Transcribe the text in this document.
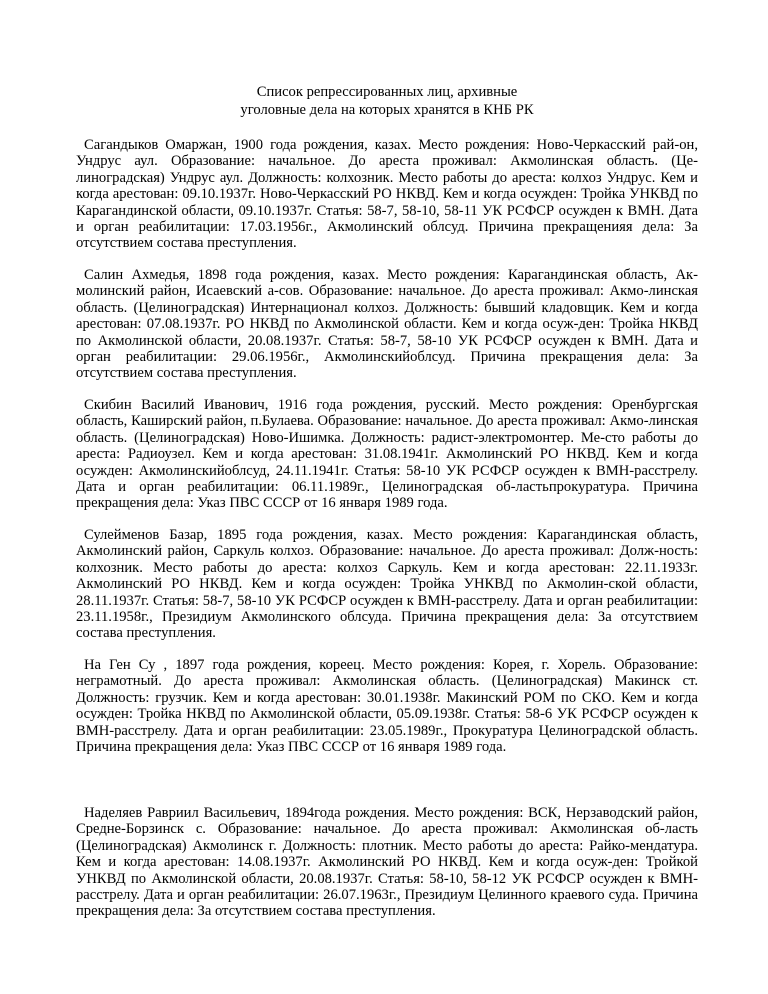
Список репрессированных лиц, архивные
уголовные дела на которых хранятся в КНБ РК

Сагандыков Омаржан, 1900 года рождения, казах. Место рождения: Ново-Черкасский рай-он, Ундрус аул. Образование: начальное. До ареста проживал: Акмолинская область. (Це-линоградская) Ундрус аул. Должность: колхозник. Место работы до ареста: колхоз Ундрус. Кем и когда арестован: 09.10.1937г. Ново-Черкасский РО НКВД. Кем и когда осужден: Тройка УНКВД по Карагандинской области, 09.10.1937г. Статья: 58-7, 58-10, 58-11 УК РСФСР осужден к ВМН. Дата и орган реабилитации: 17.03.1956г., Акмолинский облсуд. Причина прекращенияя дела: За отсутствием состава преступления.

Салин Ахмедья, 1898 года рождения, казах. Место рождения: Карагандинская область, Ак-молинский район, Исаевский а-сов. Образование: начальное. До ареста проживал: Акмо-линская область. (Целиноградская) Интернационал колхоз. Должность: бывший кладовщик. Кем и когда арестован: 07.08.1937г. РО НКВД по Акмолинской области. Кем и когда осуж-ден: Тройка НКВД по Акмолинской области, 20.08.1937г. Статья: 58-7, 58-10 УК РСФСР осужден к ВМН. Дата и орган реабилитации: 29.06.1956г., Акмолинскийоблсуд. Причина прекращения дела: За отсутствием состава преступления.

Скибин Василий Иванович, 1916 года рождения, русский. Место рождения: Оренбургская область, Каширский район, п.Булаева. Образование: начальное. До ареста проживал: Акмо-линская область. (Целиноградская) Ново-Ишимка. Должность: радист-электромонтер. Ме-сто работы до ареста: Радиоузел. Кем и когда арестован: 31.08.1941г. Акмолинский РО НКВД. Кем и когда осужден: Акмолинскийоблсуд, 24.11.1941г. Статья: 58-10 УК РСФСР осужден к ВМН-расстрелу. Дата и орган реабилитации: 06.11.1989г., Целиноградская об-ластьпрокуратура. Причина прекращения дела: Указ ПВС СССР от 16 января 1989 года.

Сулейменов Базар, 1895 года рождения, казах. Место рождения: Карагандинская область, Акмолинский район, Саркуль колхоз. Образование: начальное. До ареста проживал: Долж-ность: колхозник. Место работы до ареста: колхоз Саркуль. Кем и когда арестован: 22.11.1933г. Акмолинский РО НКВД. Кем и когда осужден: Тройка УНКВД по Акмолин-ской области, 28.11.1937г. Статья: 58-7, 58-10 УК РСФСР осужден к ВМН-расстрелу. Дата и орган реабилитации: 23.11.1958г., Президиум Акмолинского облсуда. Причина прекращения дела: За отсутствием состава преступления.

На Ген Су , 1897 года рождения, кореец. Место рождения: Корея, г. Хорель. Образование: неграмотный. До ареста проживал: Акмолинская область. (Целиноградская) Макинск ст. Должность: грузчик. Кем и когда арестован: 30.01.1938г. Макинский РОМ по СКО. Кем и когда осужден: Тройка НКВД по Акмолинской области, 05.09.1938г. Статья: 58-6 УК РСФСР осужден к ВМН-расстрелу. Дата и орган реабилитации: 23.05.1989г., Прокуратура Целиноградской область. Причина прекращения дела: Указ ПВС СССР от 16 января 1989 года.

Наделяев Равриил Васильевич, 1894года рождения. Место рождения: ВСК, Нерзаводский район, Средне-Борзинск с. Образование: начальное. До ареста проживал: Акмолинская об-ласть (Целиноградская) Акмолинск г. Должность: плотник. Место работы до ареста: Райко-мендатура. Кем и когда арестован: 14.08.1937г. Акмолинский РО НКВД. Кем и когда осуж-ден: Тройкой УНКВД по Акмолинской области, 20.08.1937г. Статья: 58-10, 58-12 УК РСФСР осужден к ВМН-расстрелу. Дата и орган реабилитации: 26.07.1963г., Президиум Целинного краевого суда. Причина прекращения дела: За отсутствием состава преступления.
